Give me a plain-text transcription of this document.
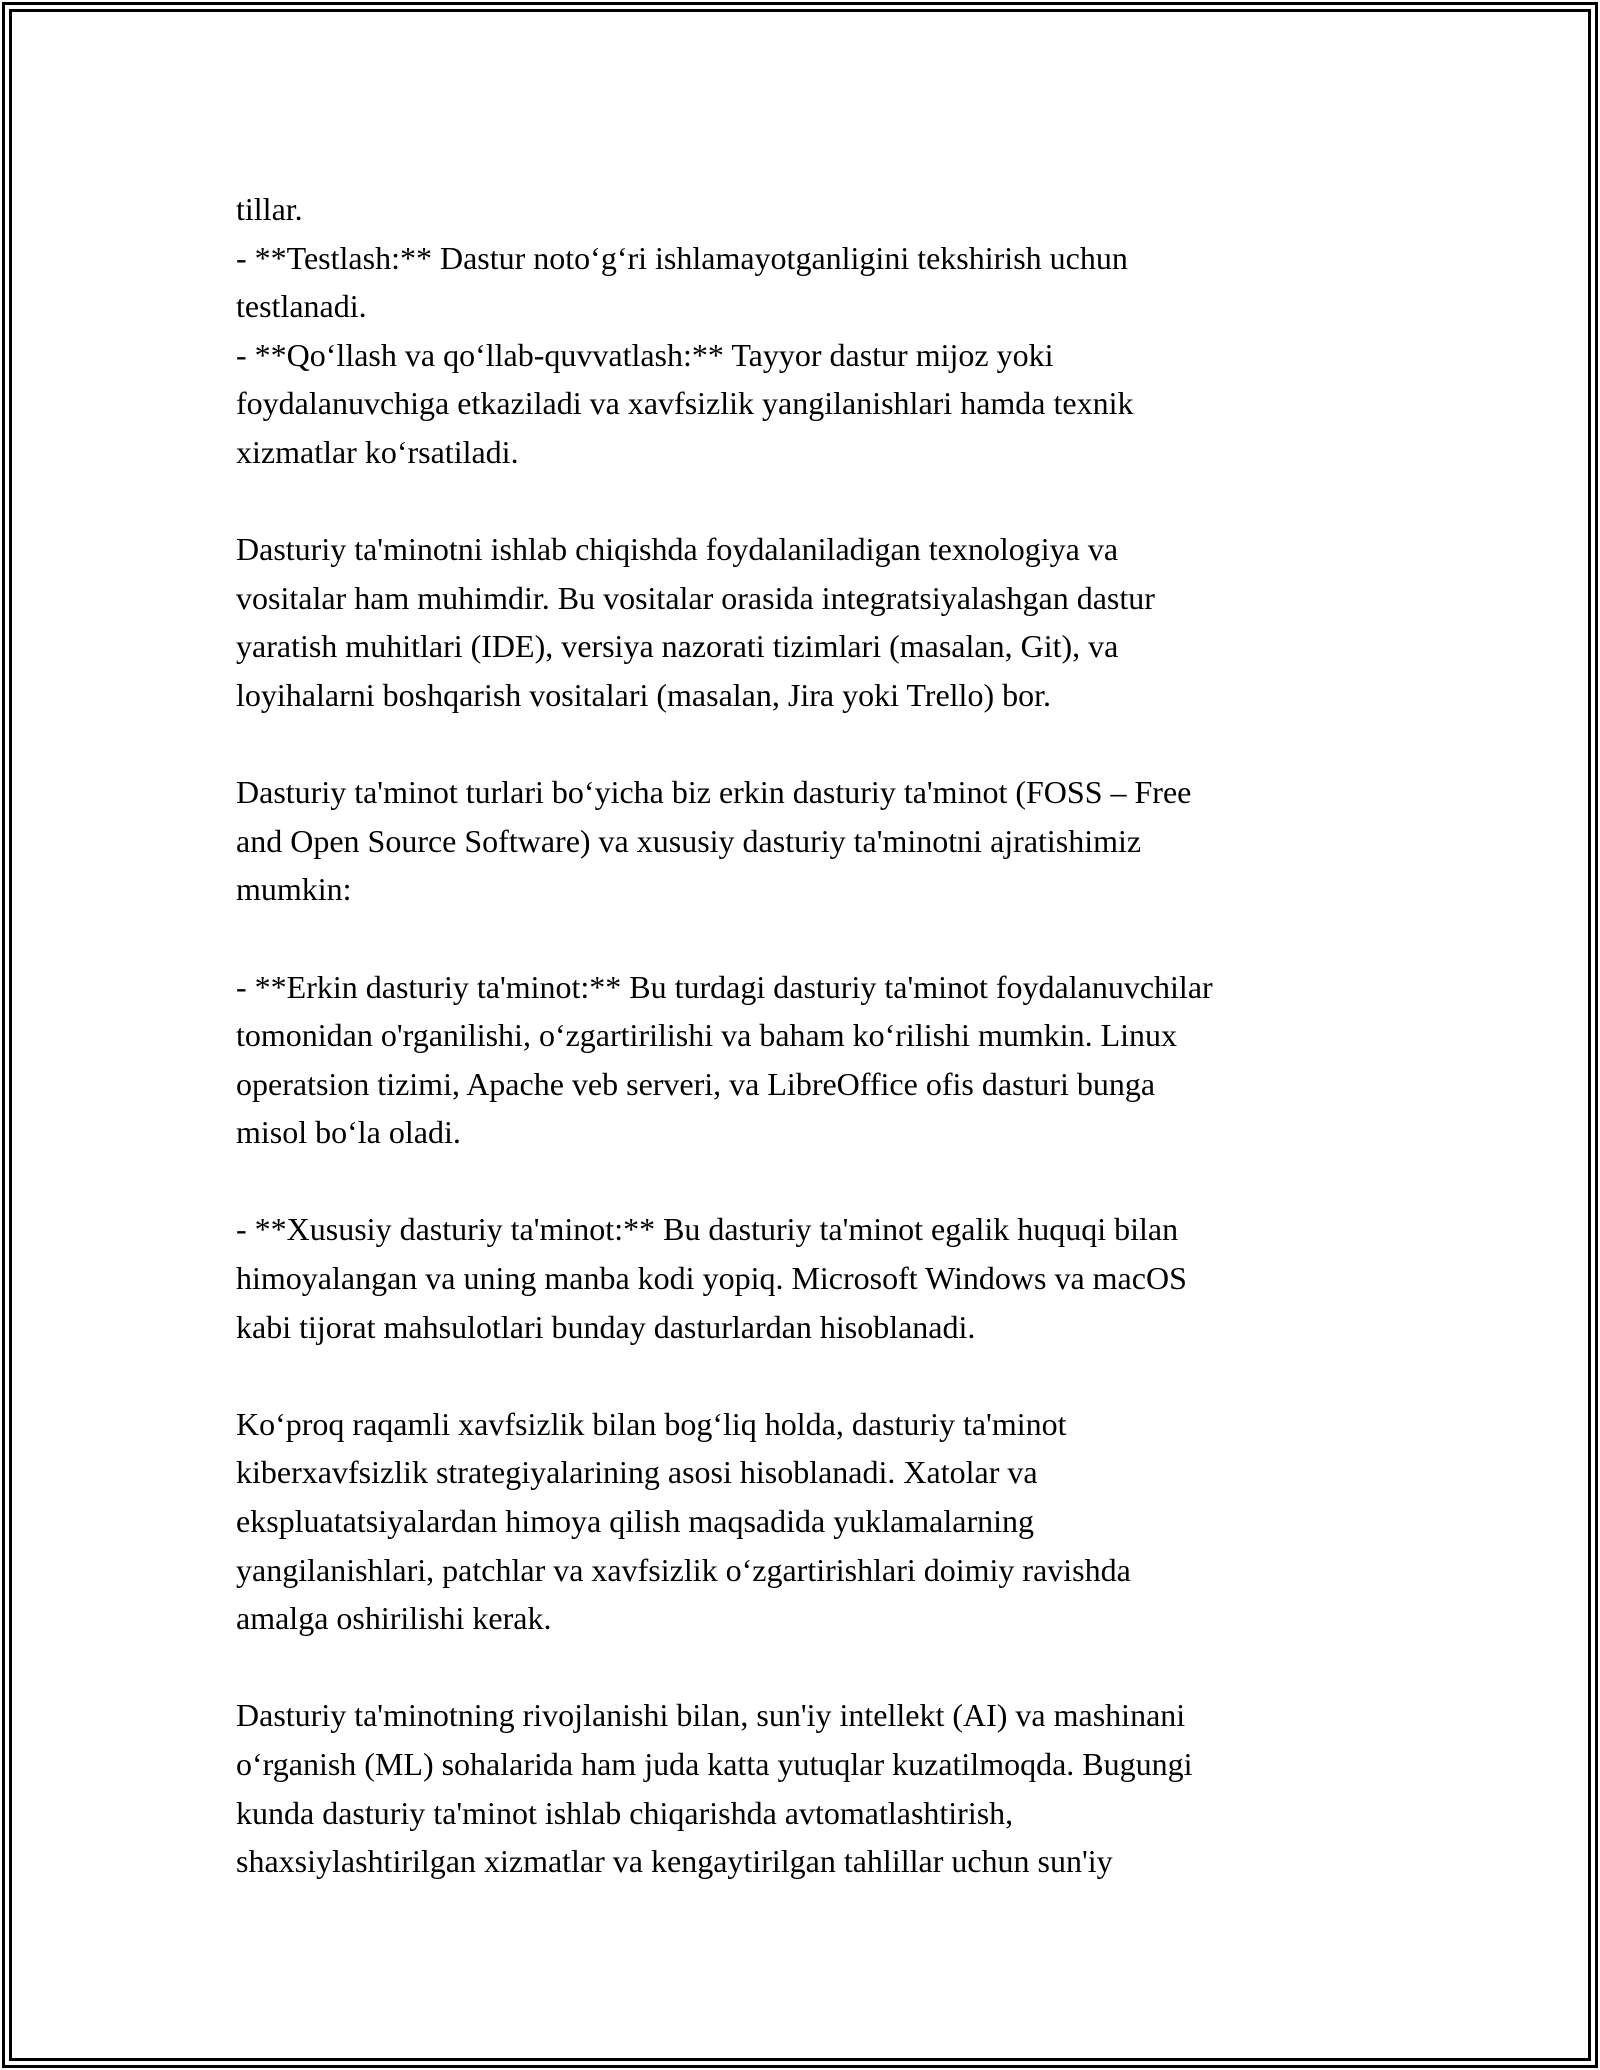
tillar.

- **Testlash:** Dastur noto‘g‘ri ishlamayotganligini tekshirish uchun

testlanadi.

- **Qo‘llash va qo‘llab-quvvatlash:** Tayyor dastur mijoz yoki

foydalanuvchiga etkaziladi va xavfsizlik yangilanishlari hamda texnik

xizmatlar ko‘rsatiladi.

Dasturiy ta'minotni ishlab chiqishda foydalaniladigan texnologiya va

vositalar ham muhimdir. Bu vositalar orasida integratsiyalashgan dastur

yaratish muhitlari (IDE), versiya nazorati tizimlari (masalan, Git), va

loyihalarni boshqarish vositalari (masalan, Jira yoki Trello) bor.

Dasturiy ta'minot turlari bo‘yicha biz erkin dasturiy ta'minot (FOSS – Free

and Open Source Software) va xususiy dasturiy ta'minotni ajratishimiz

mumkin:

- **Erkin dasturiy ta'minot:** Bu turdagi dasturiy ta'minot foydalanuvchilar

tomonidan o'rganilishi, o‘zgartirilishi va baham ko‘rilishi mumkin. Linux

operatsion tizimi, Apache veb serveri, va LibreOffice ofis dasturi bunga

misol bo‘la oladi.

- **Xususiy dasturiy ta'minot:** Bu dasturiy ta'minot egalik huquqi bilan

himoyalangan va uning manba kodi yopiq. Microsoft Windows va macOS

kabi tijorat mahsulotlari bunday dasturlardan hisoblanadi.

Ko‘proq raqamli xavfsizlik bilan bog‘liq holda, dasturiy ta'minot

kiberxavfsizlik strategiyalarining asosi hisoblanadi. Xatolar va

ekspluatatsiyalardan himoya qilish maqsadida yuklamalarning

yangilanishlari, patchlar va xavfsizlik o‘zgartirishlari doimiy ravishda

amalga oshirilishi kerak.

Dasturiy ta'minotning rivojlanishi bilan, sun'iy intellekt (AI) va mashinani

o‘rganish (ML) sohalarida ham juda katta yutuqlar kuzatilmoqda. Bugungi

kunda dasturiy ta'minot ishlab chiqarishda avtomatlashtirish,

shaxsiylashtirilgan xizmatlar va kengaytirilgan tahlillar uchun sun'iy
